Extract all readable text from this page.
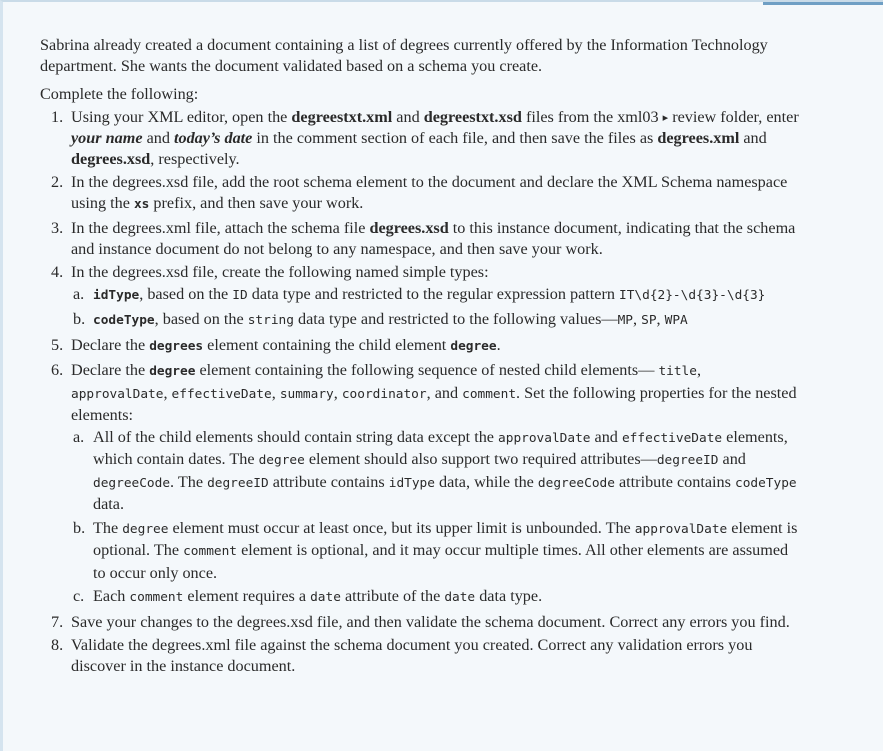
Sabrina already created a document containing a list of degrees currently offered by the Information Technology department. She wants the document validated based on a schema you create.

Complete the following:

1. Using your XML editor, open the degreestxt.xml and degreestxt.xsd files from the xml03 ▸ review folder, enter your name and today’s date in the comment section of each file, and then save the files as degrees.xml and degrees.xsd, respectively.
2. In the degrees.xsd file, add the root schema element to the document and declare the XML Schema namespace using the xs prefix, and then save your work.
3. In the degrees.xml file, attach the schema file degrees.xsd to this instance document, indicating that the schema and instance document do not belong to any namespace, and then save your work.
4. In the degrees.xsd file, create the following named simple types:
a. idType, based on the ID data type and restricted to the regular expression pattern IT\d{2}-\d{3}-\d{3}
b. codeType, based on the string data type and restricted to the following values—MP, SP, WPA
5. Declare the degrees element containing the child element degree.
6. Declare the degree element containing the following sequence of nested child elements— title, approvalDate, effectiveDate, summary, coordinator, and comment. Set the following properties for the nested elements:
a. All of the child elements should contain string data except the approvalDate and effectiveDate elements, which contain dates. The degree element should also support two required attributes—degreeID and degreeCode. The degreeID attribute contains idType data, while the degreeCode attribute contains codeType data.
b. The degree element must occur at least once, but its upper limit is unbounded. The approvalDate element is optional. The comment element is optional, and it may occur multiple times. All other elements are assumed to occur only once.
c. Each comment element requires a date attribute of the date data type.
7. Save your changes to the degrees.xsd file, and then validate the schema document. Correct any errors you find.
8. Validate the degrees.xml file against the schema document you created. Correct any validation errors you discover in the instance document.
